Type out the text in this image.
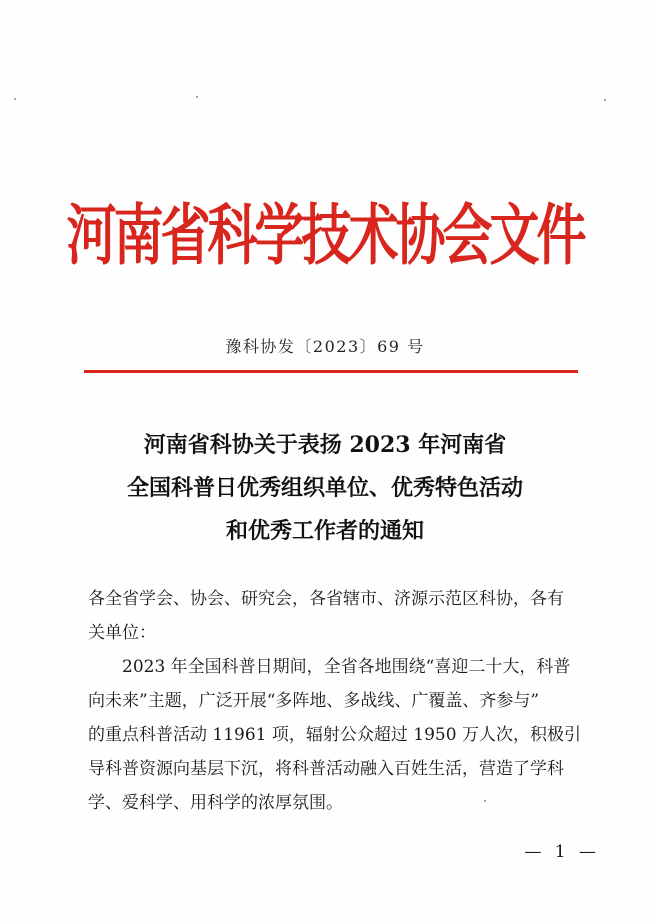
河南省科学技术协会文件
豫科协发〔2023〕69 号
河南省科协关于表扬 2023 年河南省
全国科普日优秀组织单位、优秀特色活动
和优秀工作者的通知

各全省学会、协会、研究会，各省辖市、济源示范区科协，各有
关单位：

2023 年全国科普日期间，全省各地围绕“喜迎二十大，科普
向未来”主题，广泛开展“多阵地、多战线、广覆盖、齐参与”
的重点科普活动 11961 项，辐射公众超过 1950 万人次，积极引
导科普资源向基层下沉，将科普活动融入百姓生活，营造了学科
学、爱科学、用科学的浓厚氛围。

— 1 —
